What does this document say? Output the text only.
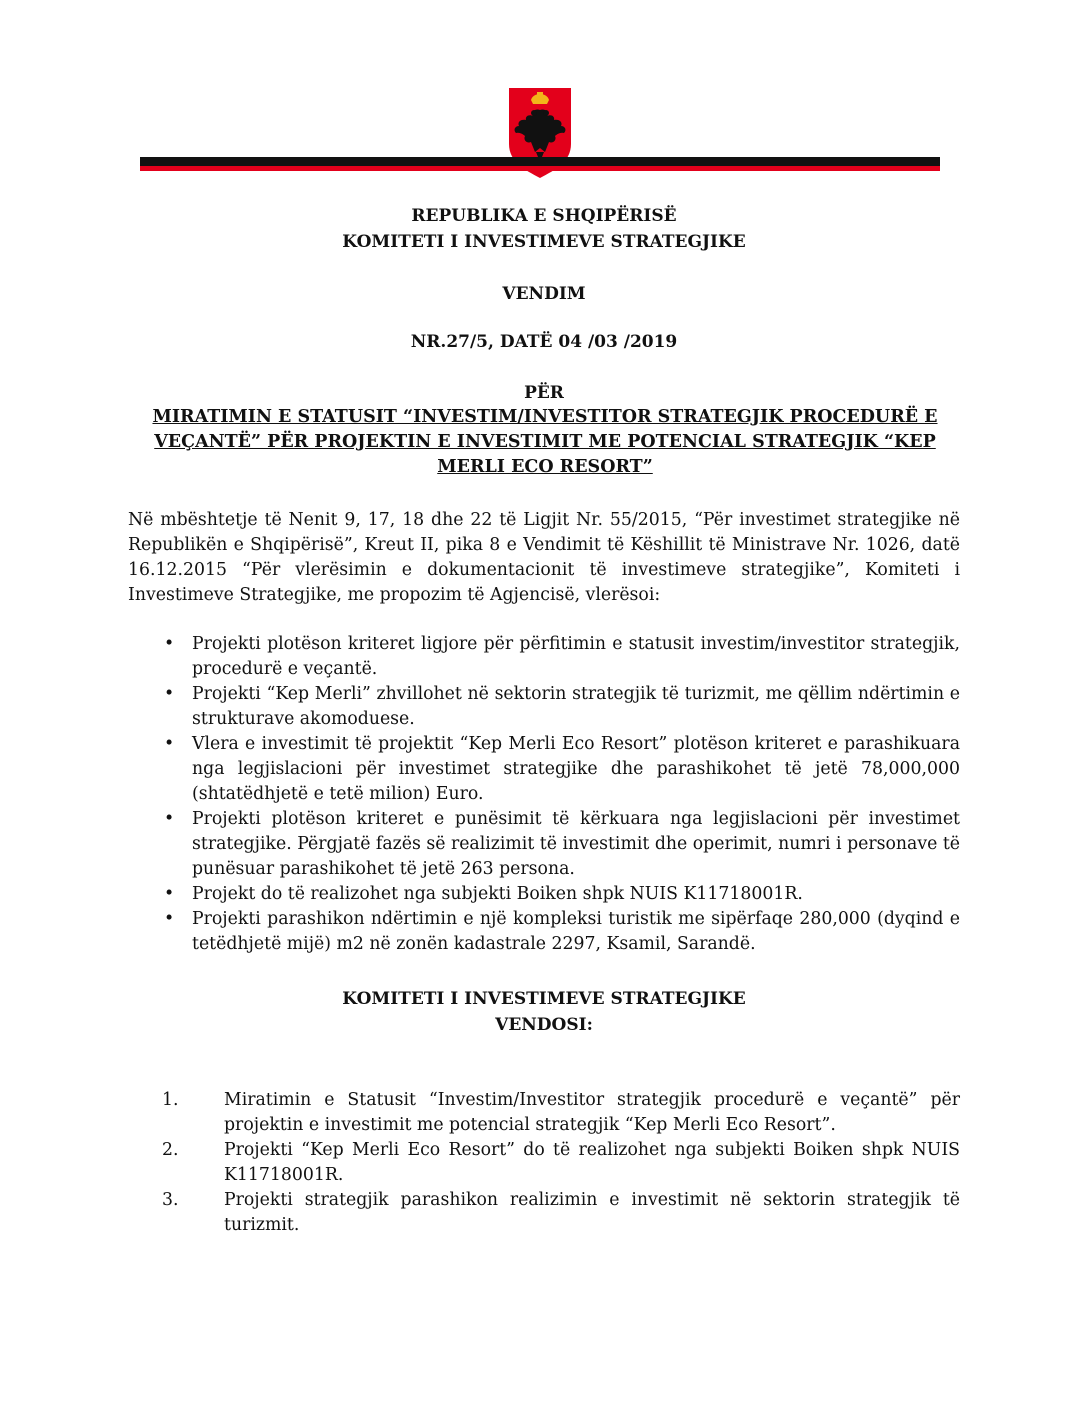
REPUBLIKA E SHQIPËRISË
KOMITETI I INVESTIMEVE STRATEGJIKE
VENDIM
NR.27/5, DATË 04 /03 /2019
PËR
MIRATIMIN E STATUSIT “INVESTIM/INVESTITOR STRATEGJIK PROCEDURË E VEÇANTË” PËR PROJEKTIN E INVESTIMIT ME POTENCIAL STRATEGJIK “KEP MERLI ECO RESORT”
Në mbështetje të Nenit 9, 17, 18 dhe 22 të Ligjit Nr. 55/2015, “Për investimet strategjike në Republikën e Shqipërisë”, Kreut II, pika 8 e Vendimit të Këshillit të Ministrave Nr. 1026, datë 16.12.2015 “Për vlerësimin e dokumentacionit të investimeve strategjike”, Komiteti i Investimeve Strategjike, me propozim të Agjencisë, vlerësoi:
• Projekti plotëson kriteret ligjore për përfitimin e statusit investim/investitor strategjik, procedurë e veçantë.
• Projekti “Kep Merli” zhvillohet në sektorin strategjik të turizmit, me qëllim ndërtimin e strukturave akomoduese.
• Vlera e investimit të projektit “Kep Merli Eco Resort” plotëson kriteret e parashikuara nga legjislacioni për investimet strategjike dhe parashikohet të jetë 78,000,000 (shtatëdhjetë e tetë milion) Euro.
• Projekti plotëson kriteret e punësimit të kërkuara nga legjislacioni për investimet strategjike. Përgjatë fazës së realizimit të investimit dhe operimit, numri i personave të punësuar parashikohet të jetë 263 persona.
• Projekt do të realizohet nga subjekti Boiken shpk NUIS K11718001R.
• Projekti parashikon ndërtimin e një kompleksi turistik me sipërfaqe 280,000 (dyqind e tetëdhjetë mijë) m2 në zonën kadastrale 2297, Ksamil, Sarandë.
KOMITETI I INVESTIMEVE STRATEGJIKE
VENDOSI:
1.	Miratimin e Statusit “Investim/Investitor strategjik procedurë e veçantë” për projektin e investimit me potencial strategjik “Kep Merli Eco Resort”.
2.	Projekti “Kep Merli Eco Resort” do të realizohet nga subjekti Boiken shpk NUIS K11718001R.
3.	Projekti strategjik parashikon realizimin e investimit në sektorin strategjik të turizmit.
